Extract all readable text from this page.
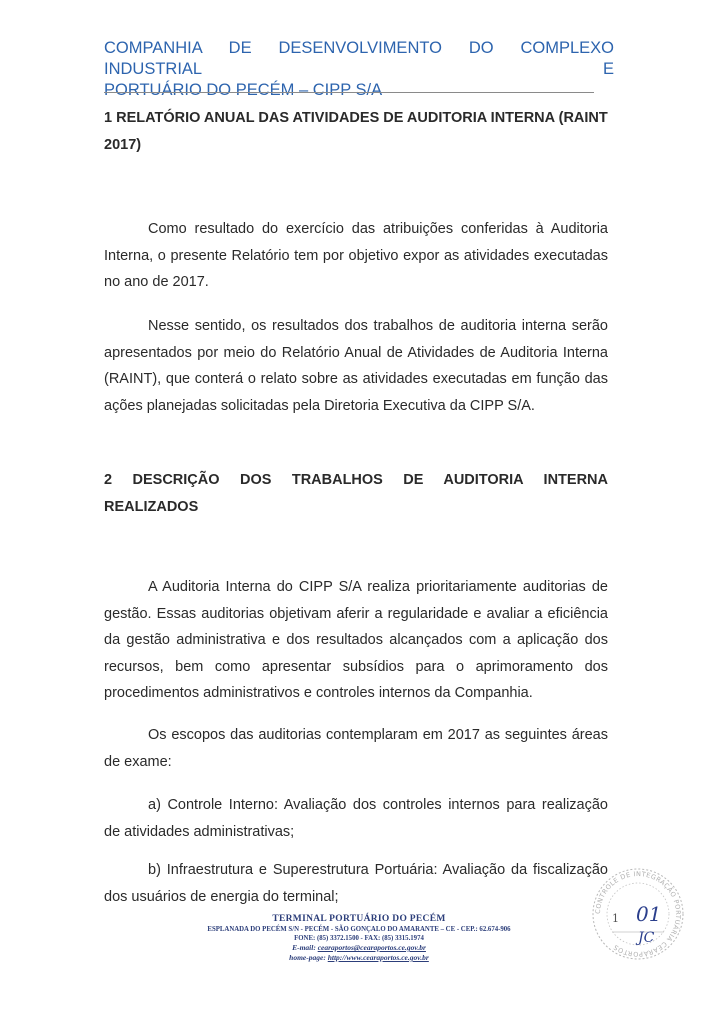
COMPANHIA DE DESENVOLVIMENTO DO COMPLEXO INDUSTRIAL E
PORTUÁRIO DO PECÉM – CIPP S/A
1 RELATÓRIO ANUAL DAS ATIVIDADES DE AUDITORIA INTERNA (RAINT
2017)
Como resultado do exercício das atribuições conferidas à Auditoria
Interna, o presente Relatório tem por objetivo expor as atividades executadas
no ano de 2017.
Nesse sentido, os resultados dos trabalhos de auditoria interna serão
apresentados por meio do Relatório Anual de Atividades de Auditoria Interna
(RAINT), que conterá o relato sobre as atividades executadas em função das
ações planejadas solicitadas pela Diretoria Executiva da CIPP S/A.
2 DESCRIÇÃO DOS TRABALHOS DE AUDITORIA INTERNA
REALIZADOS
A Auditoria Interna do CIPP S/A realiza prioritariamente auditorias de
gestão. Essas auditorias objetivam aferir a regularidade e avaliar a eficiência
da gestão administrativa e dos resultados alcançados com a aplicação dos
recursos, bem como apresentar subsídios para o aprimoramento dos
procedimentos administrativos e controles internos da Companhia.
Os escopos das auditorias contemplaram em 2017 as seguintes áreas
de exame:
a) Controle Interno: Avaliação dos controles internos para realização
de atividades administrativas;
b) Infraestrutura e Superestrutura Portuária: Avaliação da fiscalização
dos usuários de energia do terminal;
TERMINAL PORTUÁRIO DO PECÉM
ESPLANADA DO PECÉM S/N - PECÉM - SÃO GONÇALO DO AMARANTE – CE - CEP.: 62.674-906
FONE: (85) 3372.1500 - FAX: (85) 3315.1974
E-mail: cearaportos@cearaportos.ce.gov.br
home-page: http://www.cearaportos.ce.gov.br
CONTROLE DE INTEGRAÇÃO PORTUÁRIA CEARÁPORTOS
1 01
JC
